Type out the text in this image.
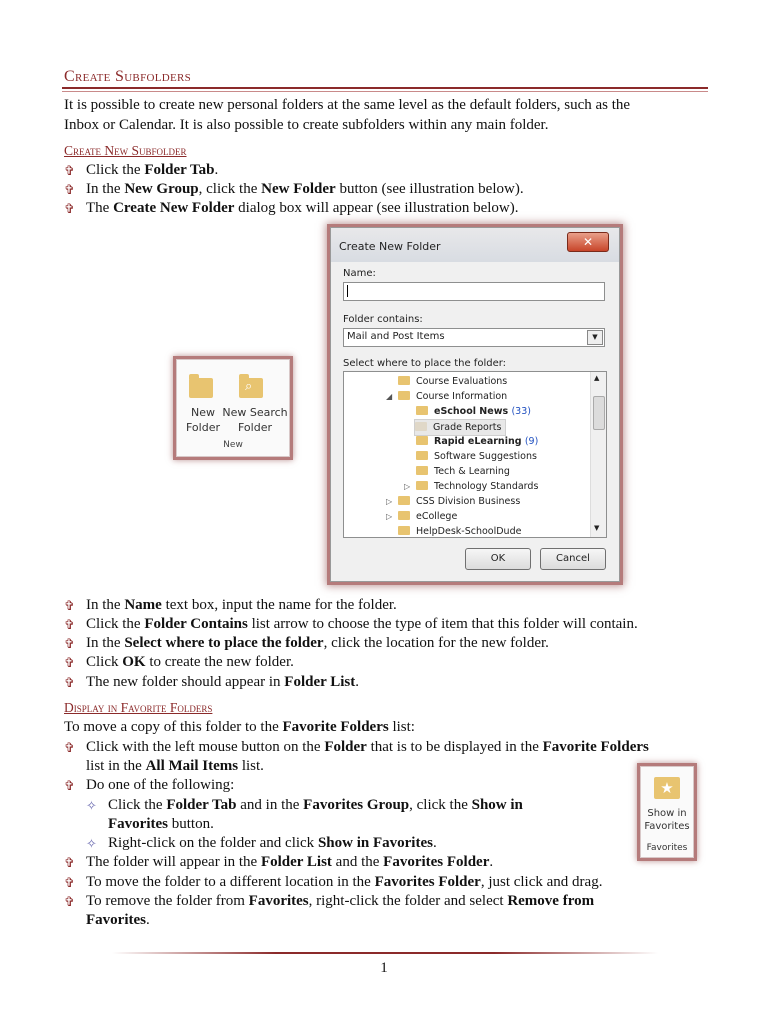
Create Subfolders
It is possible to create new personal folders at the same level as the default folders, such as the
Inbox or Calendar. It is also possible to create subfolders within any main folder.
Create New Subfolder
✞ Click the Folder Tab.
✞ In the New Group, click the New Folder button (see illustration below).
✞ The Create New Folder dialog box will appear (see illustration below).
⌕
New
Folder
New Search
Folder
New
Create New Folder	✕
Name:
Folder contains:
Mail and Post Items	▼
Select where to place the folder:
Course Evaluations
◢	Course Information
eSchool News (33)
Grade Reports
Rapid eLearning (9)
Software Suggestions
Tech & Learning
▷	Technology Standards
▷	CSS Division Business
▷	eCollege
HelpDesk-SchoolDude
▲
▼
OK	Cancel
✞ In the Name text box, input the name for the folder.
✞ Click the Folder Contains list arrow to choose the type of item that this folder will contain.
✞ In the Select where to place the folder, click the location for the new folder.
✞ Click OK to create the new folder.
✞ The new folder should appear in Folder List.
Display in Favorite Folders
To move a copy of this folder to the Favorite Folders list:
✞ Click with the left mouse button on the Folder that is to be displayed in the Favorite Folders
list in the All Mail Items list.
✞ Do one of the following:
✧ Click the Folder Tab and in the Favorites Group, click the Show in
Favorites button.
✧ Right-click on the folder and click Show in Favorites.
✞ The folder will appear in the Folder List and the Favorites Folder.
✞ To move the folder to a different location in the Favorites Folder, just click and drag.
✞ To remove the folder from Favorites, right-click the folder and select Remove from
Favorites.
★
Show in
Favorites
Favorites
1
